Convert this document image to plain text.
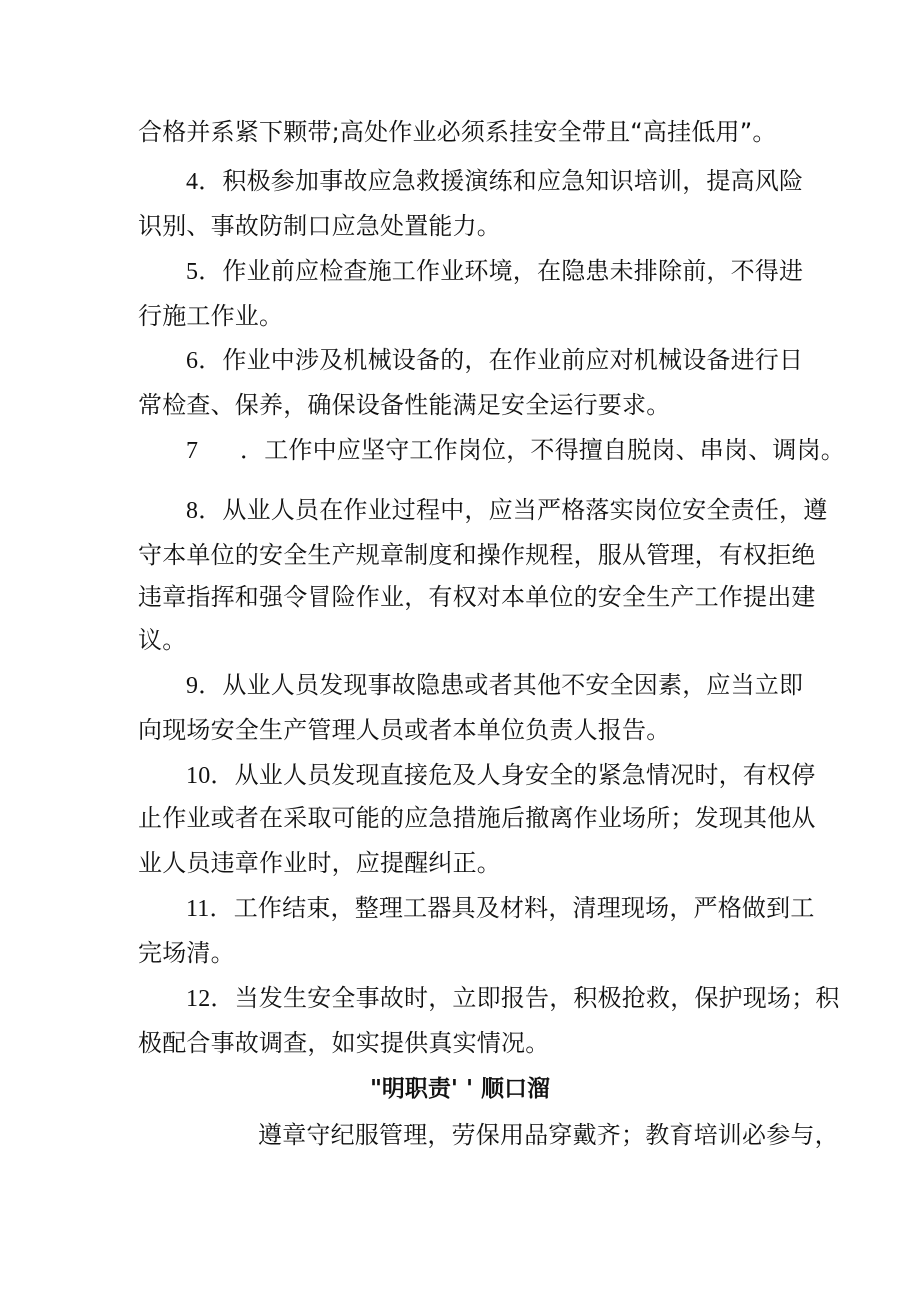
合格并系紧下颗带;高处作业必须系挂安全带且“高挂低用”。
4．积极参加事故应急救援演练和应急知识培训，提高风险
识别、事故防制口应急处置能力。
5．作业前应检查施工作业环境，在隐患未排除前，不得进
行施工作业。
6．作业中涉及机械设备的，在作业前应对机械设备进行日
常检查、保养，确保设备性能满足安全运行要求。
7 ．工作中应坚守工作岗位，不得擅自脱岗、串岗、调岗。
8．从业人员在作业过程中，应当严格落实岗位安全责任，遵
守本单位的安全生产规章制度和操作规程，服从管理，有权拒绝
违章指挥和强令冒险作业，有权对本单位的安全生产工作提出建
议。
9．从业人员发现事故隐患或者其他不安全因素，应当立即
向现场安全生产管理人员或者本单位负责人报告。
10．从业人员发现直接危及人身安全的紧急情况时，有权停
止作业或者在采取可能的应急措施后撤离作业场所；发现其他从
业人员违章作业时，应提醒纠正。
11．工作结束，整理工器具及材料，清理现场，严格做到工
完场清。
12．当发生安全事故时，立即报告，积极抢救，保护现场；积
极配合事故调查，如实提供真实情况。
"明职责' ' 顺口溜
遵章守纪服管理，劳保用品穿戴齐；教育培训必参与，
